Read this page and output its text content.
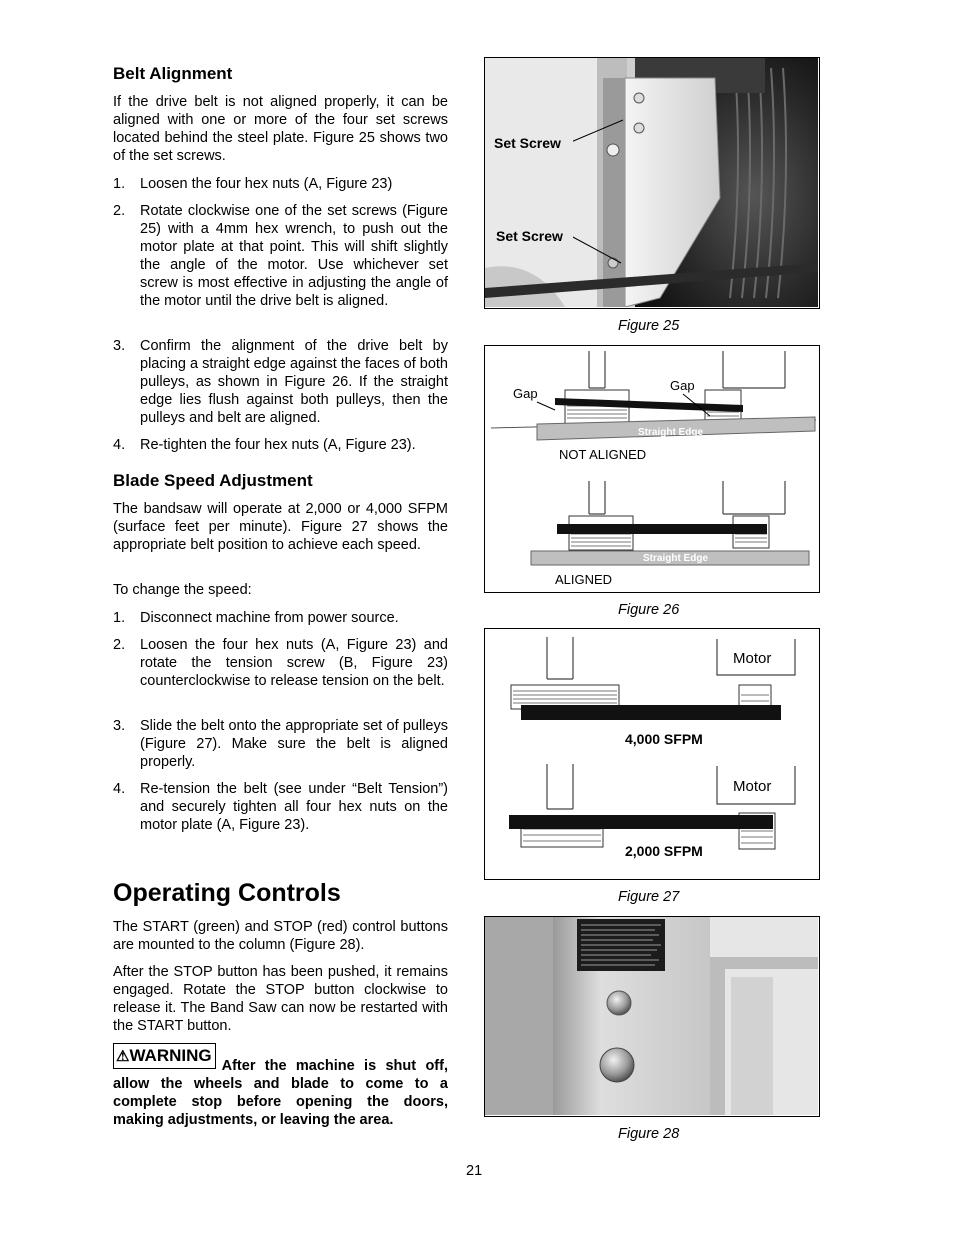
Belt Alignment

If the drive belt is not aligned properly, it can be aligned with one or more of the four set screws located behind the steel plate. Figure 25 shows two of the set screws.

1. Loosen the four hex nuts (A, Figure 23)
2. Rotate clockwise one of the set screws (Figure 25) with a 4mm hex wrench, to push out the motor plate at that point. This will shift slightly the angle of the motor. Use whichever set screw is most effective in adjusting the angle of the motor until the drive belt is aligned.
3. Confirm the alignment of the drive belt by placing a straight edge against the faces of both pulleys, as shown in Figure 26. If the straight edge lies flush against both pulleys, then the pulleys and belt are aligned.
4. Re-tighten the four hex nuts (A, Figure 23).
Blade Speed Adjustment

The bandsaw will operate at 2,000 or 4,000 SFPM (surface feet per minute). Figure 27 shows the appropriate belt position to achieve each speed.

To change the speed:

1. Disconnect machine from power source.
2. Loosen the four hex nuts (A, Figure 23) and rotate the tension screw (B, Figure 23) counterclockwise to release tension on the belt.
3. Slide the belt onto the appropriate set of pulleys (Figure 27). Make sure the belt is aligned properly.
4. Re-tension the belt (see under “Belt Tension”) and securely tighten all four hex nuts on the motor plate (A, Figure 23).
Operating Controls

The START (green) and STOP (red) control buttons are mounted to the column (Figure 28).

After the STOP button has been pushed, it remains engaged. Rotate the STOP button clockwise to release it. The Band Saw can now be restarted with the START button.

⚠WARNING
After the machine is shut off, allow the wheels and blade to come to a complete stop before opening the doors, making adjustments, or leaving the area.
Set Screw
Set Screw
Figure 25
Straight Edge
Gap
Gap
NOT ALIGNED
Straight Edge
ALIGNED
Figure 26
Motor
4,000 SFPM
Motor
2,000 SFPM
Figure 27
Figure 28
21
